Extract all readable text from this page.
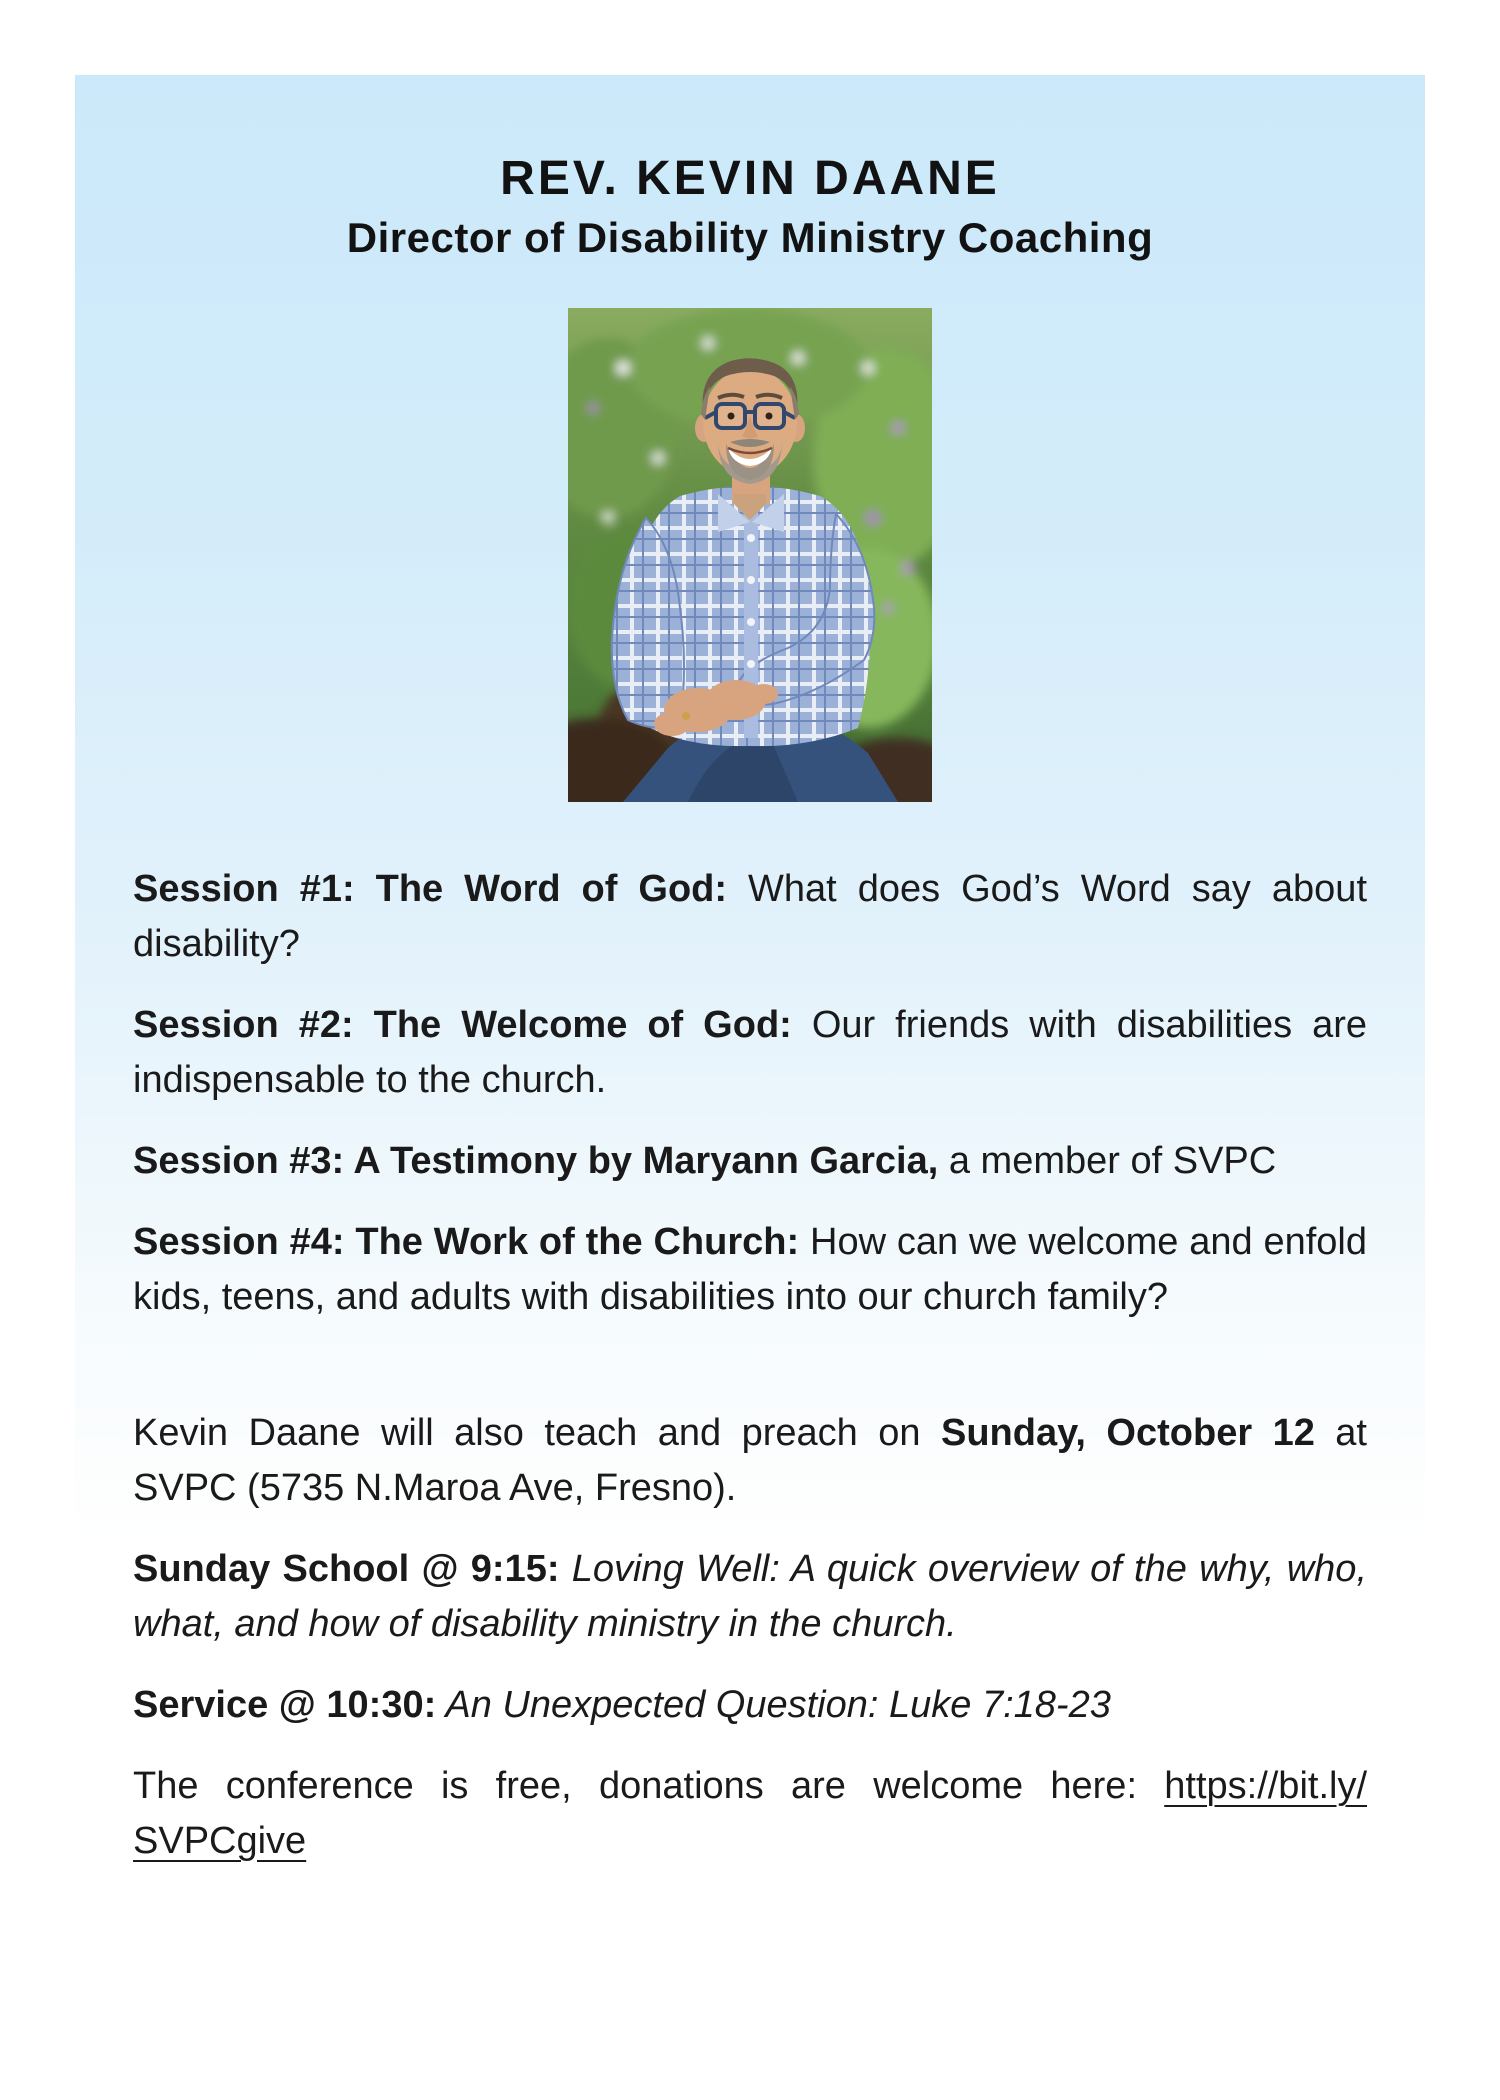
REV. KEVIN DAANE
Director of Disability Ministry Coaching

Session #1: The Word of God: What does God’s Word say about disability?

Session #2: The Welcome of God: Our friends with disabilities are indispensable to the church.

Session #3: A Testimony by Maryann Garcia, a member of SVPC

Session #4: The Work of the Church: How can we welcome and enfold kids, teens, and adults with disabilities into our church family?

Kevin Daane will also teach and preach on Sunday, October 12 at SVPC (5735 N.Maroa Ave, Fresno).

Sunday School @ 9:15: Loving Well: A quick overview of the why, who, what, and how of disability ministry in the church.

Service @ 10:30: An Unexpected Question: Luke 7:18-23

The conference is free, donations are welcome here: https://bit.ly/SVPCgive
